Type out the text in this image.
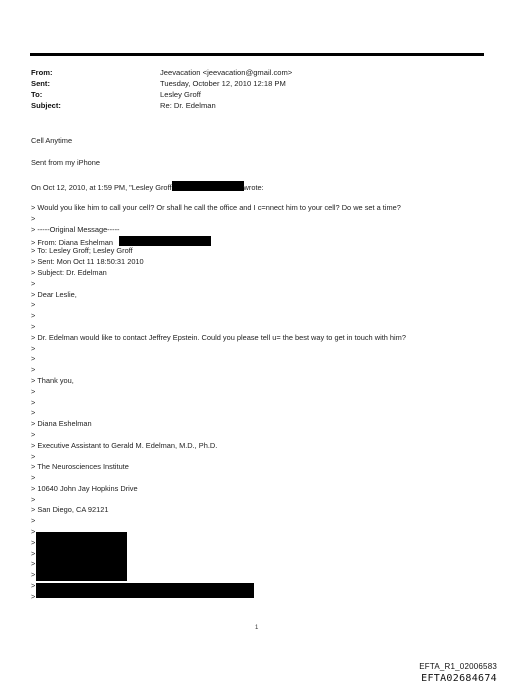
From:	Jeevacation <jeevacation@gmail.com>
Sent:	Tuesday, October 12, 2010 12:18 PM
To:	Lesley Groff
Subject:	Re: Dr. Edelman
Cell Anytime
Sent from my iPhone
On Oct 12, 2010, at 1:59 PM, "Lesley Groff	wrote:
> Would you like him to call your cell? Or shall he call the office and I c=nnect him to your cell? Do we set a time?
>
> -----Original Message-----
> From: Diana Eshelman
> To: Lesley Groff; Lesley Groff
> Sent: Mon Oct 11 18:50:31 2010
> Subject: Dr. Edelman
>
> Dear Leslie,
>
>
>
> Dr. Edelman would like to contact Jeffrey Epstein. Could you please tell u= the best way to get in touch with him?
>
>
>
> Thank you,
>
>
>
> Diana Eshelman
>
> Executive Assistant to Gerald M. Edelman, M.D., Ph.D.
>
> The Neurosciences Institute
>
> 10640 John Jay Hopkins Drive
>
> San Diego, CA 92121
>
>
>
>
>
>
>
>
1
EFTA_R1_02006583
EFTA02684674
